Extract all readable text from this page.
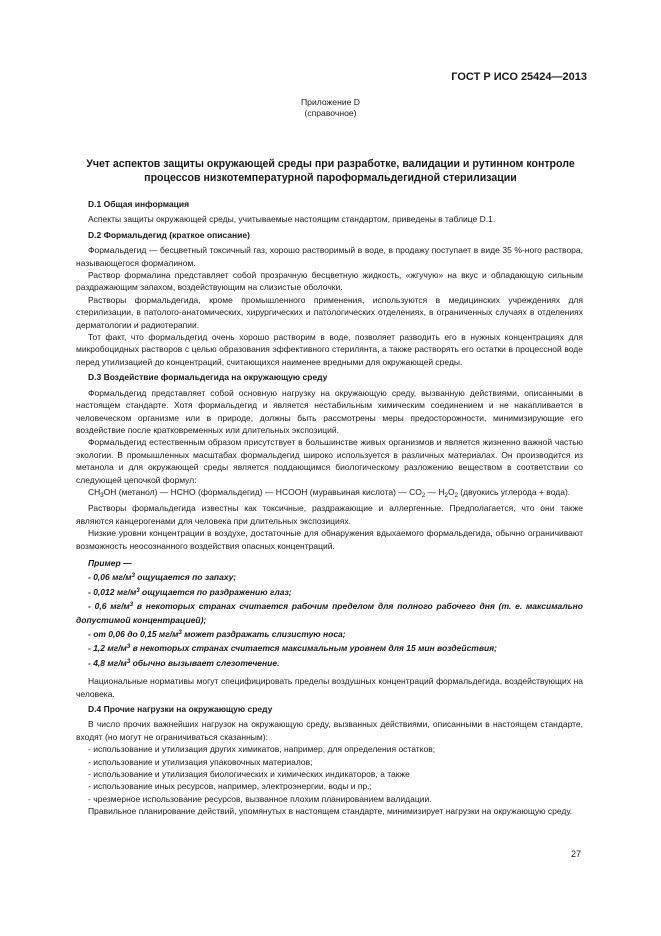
ГОСТ Р ИСО 25424—2013
Приложение D
(справочное)
Учет аспектов защиты окружающей среды при разработке, валидации и рутинном контроле процессов низкотемпературной пароформальдегидной стерилизации

D.1 Общая информация

Аспекты защиты окружающей среды, учитываемые настоящим стандартом, приведены в таблице D.1.

D.2 Формальдегид (краткое описание)

Формальдегид — бесцветный токсичный газ, хорошо растворимый в воде, в продажу поступает в виде 35 %-ного раствора, называющегося формалином.

Раствор формалина представляет собой прозрачную бесцветную жидкость, «жгучую» на вкус и обладающую сильным раздражающим запахом, воздействующим на слизистые оболочки.

Растворы формальдегида, кроме промышленного применения, используются в медицинских учреждениях для стерилизации, в патолого-анатомических, хирургических и патологических отделениях, в ограниченных случаях в отделениях дерматологии и радиотерапии.

Тот факт, что формальдегид очень хорошо растворим в воде, позволяет разводить его в нужных концентрациях для микробоцидных растворов с целью образования эффективного стерилянта, а также растворять его остатки в процессной воде перед утилизацией до концентраций, считающихся наименее вредными для окружающей среды.

D.3 Воздействие формальдегида на окружающую среду

Формальдегид представляет собой основную нагрузку на окружающую среду, вызванную действиями, описанными в настоящем стандарте. Хотя формальдегид и является нестабильным химическим соединением и не накапливается в человеческом организме или в природе, должны быть рассмотрены меры предосторожности, минимизирующие его воздействие после кратковременных или длительных экспозиций.

Формальдегид естественным образом присутствует в большинстве живых организмов и является жизненно важной частью экологии. В промышленных масштабах формальдегид широко используется в различных материалах. Он производится из метанола и для окружающей среды является поддающимся биологическому разложению веществом в соответствии со следующей цепочкой формул:

$CH_3OH$ (метанол) — HCHO (формальдегид) — HCOOH (муравьиная кислота) — $CO_2$ — $H_2O_2$ (двуокись углерода + вода).

Растворы формальдегида известны как токсичные, раздражающие и аллергенные. Предполагается, что они также являются канцерогенами для человека при длительных экспозициях.

Низкие уровни концентрации в воздухе, достаточные для обнаружения вдыхаемого формальдегида, обычно ограничивают возможность неосознанного воздействия опасных концентраций.

Пример —

- 0,06 $мг/м^3$ ощущается по запаху;

- 0,012 $мг/м^3$ ощущается по раздражению глаз;

- 0,6 $мг/м^3$ в некоторых странах считается рабочим пределом для полного рабочего дня (т. е. максимально допустимой концентрацией);

- от 0,06 до 0,15 $мг/м^3$ может раздражать слизистую носа;

- 1,2 $мг/м^3$ в некоторых странах считается максимальным уровнем для 15 мин воздействия;

- 4,8 $мг/м^3$ обычно вызывает слезотечение.

Национальные нормативы могут специфицировать пределы воздушных концентраций формальдегида, воздействующих на человека.

D.4 Прочие нагрузки на окружающую среду

В число прочих важнейших нагрузок на окружающую среду, вызванных действиями, описанными в настоящем стандарте, входят (но могут не ограничиваться сказанным):

- использование и утилизация других химикатов, например, для определения остатков;

- использование и утилизация упаковочных материалов;

- использование и утилизация биологических и химических индикаторов, а также

- использование иных ресурсов, например, электроэнергии, воды и пр.;

- чрезмерное использование ресурсов, вызванное плохим планированием валидации.

Правильное планирование действий, упомянутых в настоящем стандарте, минимизирует нагрузки на окружающую среду.

27
